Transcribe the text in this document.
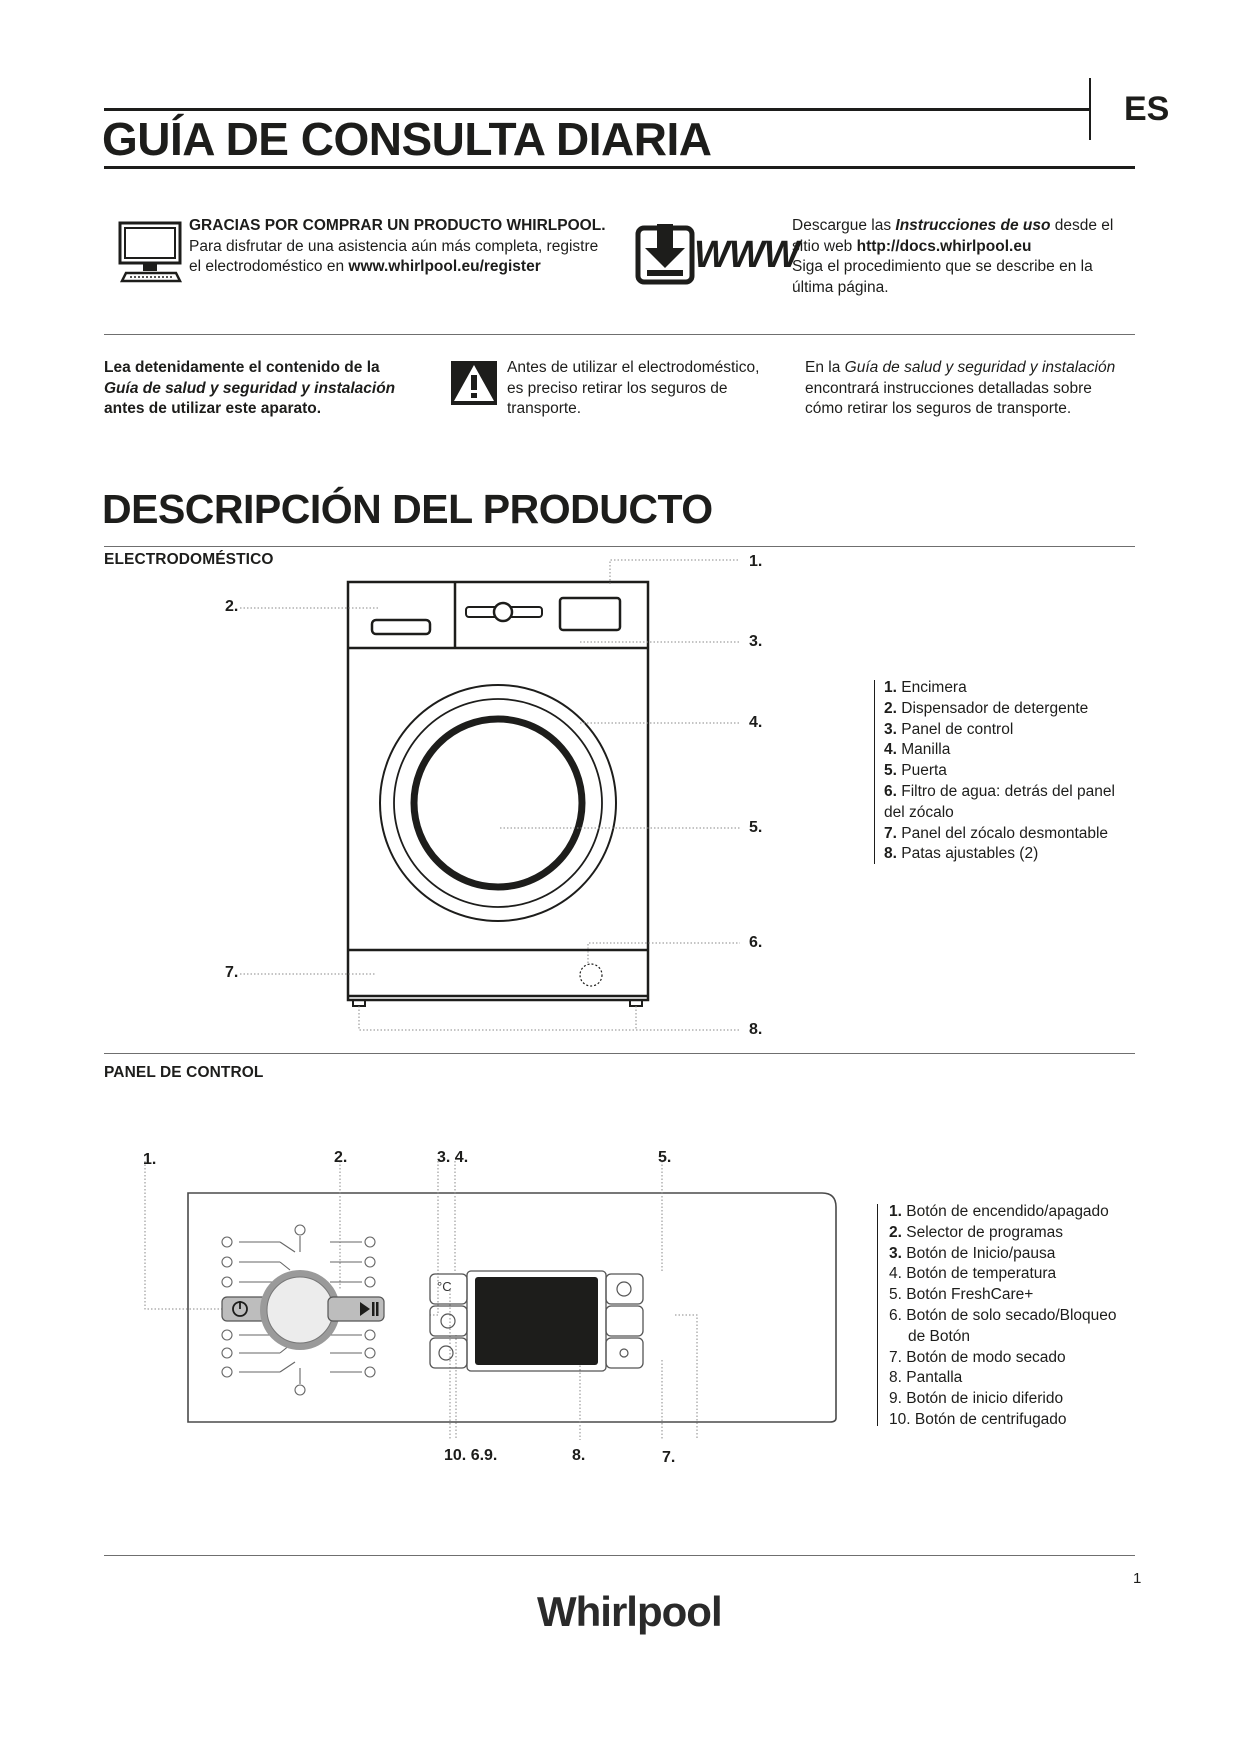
ES
GUÍA DE CONSULTA DIARIA
GRACIAS POR COMPRAR UN PRODUCTO WHIRLPOOL.
Para disfrutar de una asistencia aún más completa, registre
el electrodoméstico en www.whirlpool.eu/register	WWW
Descargue las Instrucciones de uso desde el
sitio web http://docs.whirlpool.eu
Siga el procedimiento que se describe en la
última página.
Lea detenidamente el contenido de la
Guía de salud y seguridad y instalación
antes de utilizar este aparato.
Antes de utilizar el electrodoméstico,
es preciso retirar los seguros de
transporte.
En la Guía de salud y seguridad y instalación
encontrará instrucciones detalladas sobre
cómo retirar los seguros de transporte.
DESCRIPCIÓN DEL PRODUCTO
ELECTRODOMÉSTICO	1.
2.
3.
4.
5.
6.
7.
8.
1. Encimera
2. Dispensador de detergente
3. Panel de control
4. Manilla
5. Puerta
6. Filtro de agua: detrás del panel
del zócalo
7. Panel del zócalo desmontable
8. Patas ajustables (2)
PANEL DE CONTROL
°C
1.	2.	3. 4.	5.
10. 6.9.	8.	7.
1. Botón de encendido/apagado
2. Selector de programas
3. Botón de Inicio/pausa
4. Botón de temperatura
5. Botón FreshCare+
6. Botón de solo secado/Bloqueo
de Botón
7. Botón de modo secado
8. Pantalla
9. Botón de inicio diferido
10. Botón de centrifugado
1
Whirlpool
